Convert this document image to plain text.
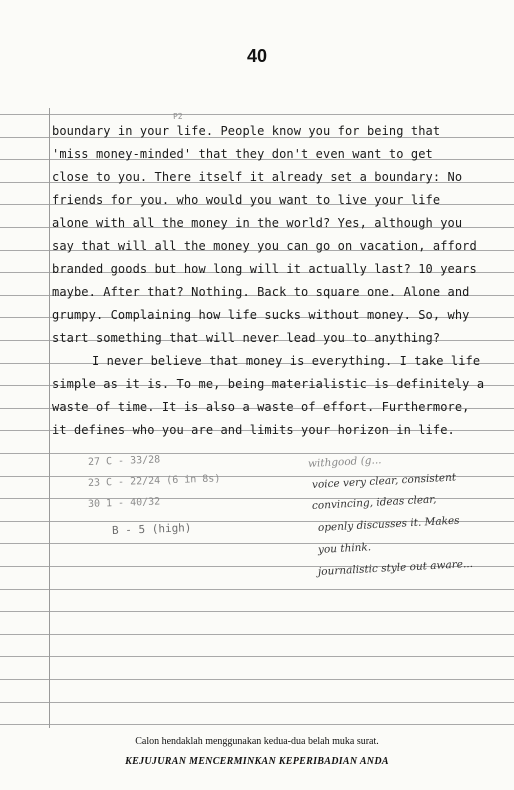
40
boundary in your life. People know you for being that
'miss money-minded' that they don't even want to get
close to you. There itself it already set a boundary: No
friends for you. who would you want to live your life
alone with all the money in the world? Yes, although you
say that will all the money you can go on vacation, afford
branded goods but how long will it actually last? 10 years
maybe. After that? Nothing. Back to square one. Alone and
grumpy. Complaining how life sucks without money. So, why
start something that will never lead you to anything?
I never believe that money is everything. I take life
simple as it is. To me, being materialistic is definitely a
waste of time. It is also a waste of effort. Furthermore,
it defines who you are and limits your horizon in life.
P2
27 C - 33/28
23 C - 22/24 (6 in 8s)
30 1 - 40/32
B - 5 (high)
withgood (g...
voice very clear, consistent
convincing, ideas clear,
openly discusses it. Makes
you think.
journalistic style out aware...
Calon hendaklah menggunakan kedua-dua belah muka surat.
KEJUJURAN MENCERMINKAN KEPERIBADIAN ANDA
